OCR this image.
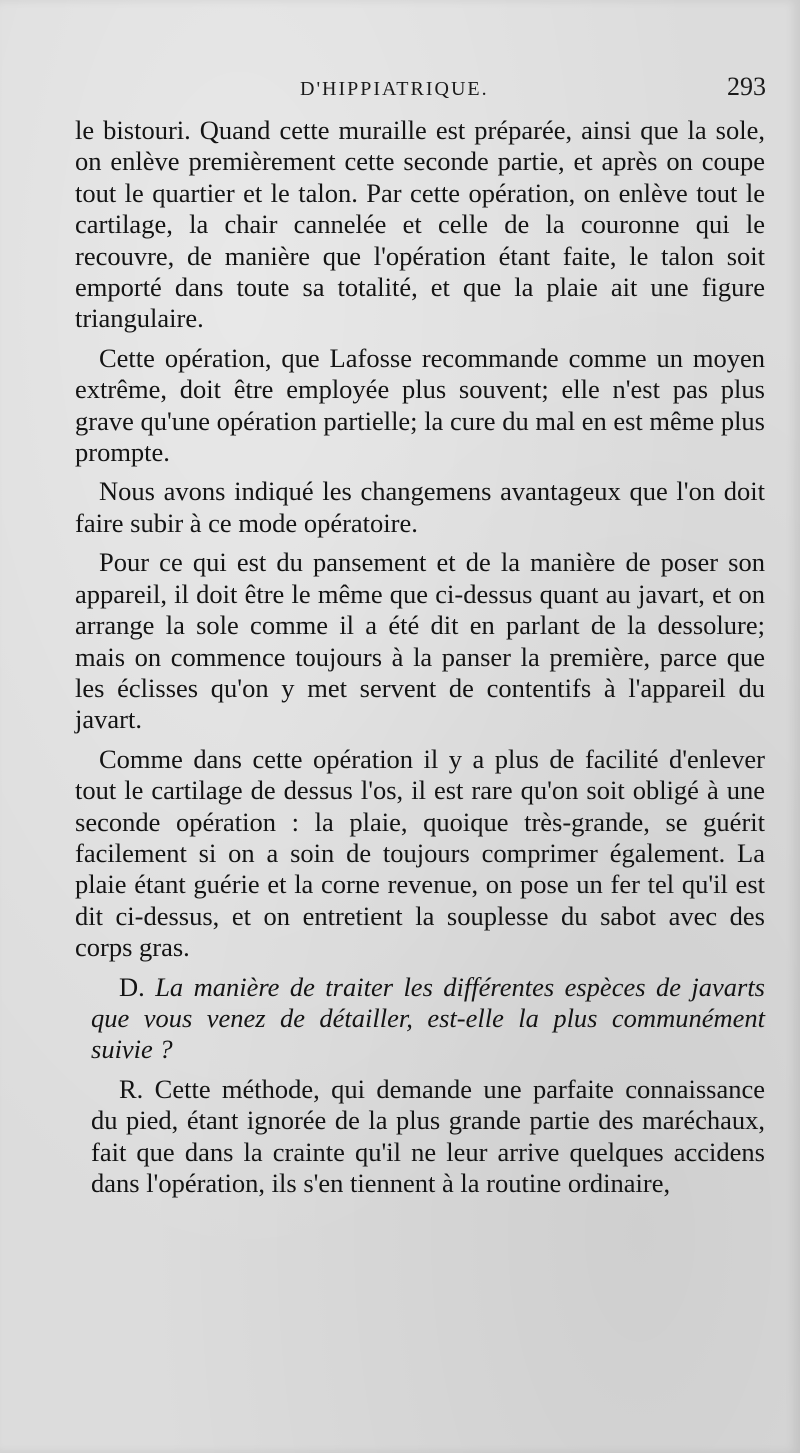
D'HIPPIATRIQUE.	293

le bistouri. Quand cette muraille est préparée, ainsi que la sole, on enlève premièrement cette seconde partie, et après on coupe tout le quartier et le talon. Par cette opération, on enlève tout le cartilage, la chair cannelée et celle de la couronne qui le recouvre, de manière que l'opération étant faite, le talon soit emporté dans toute sa totalité, et que la plaie ait une figure triangulaire.

Cette opération, que Lafosse recommande comme un moyen extrême, doit être employée plus souvent; elle n'est pas plus grave qu'une opération partielle; la cure du mal en est même plus prompte.

Nous avons indiqué les changemens avantageux que l'on doit faire subir à ce mode opératoire.

Pour ce qui est du pansement et de la manière de poser son appareil, il doit être le même que ci-dessus quant au javart, et on arrange la sole comme il a été dit en parlant de la dessolure; mais on commence toujours à la panser la première, parce que les éclisses qu'on y met servent de contentifs à l'appareil du javart.

Comme dans cette opération il y a plus de facilité d'enlever tout le cartilage de dessus l'os, il est rare qu'on soit obligé à une seconde opération : la plaie, quoique très-grande, se guérit facilement si on a soin de toujours comprimer également. La plaie étant guérie et la corne revenue, on pose un fer tel qu'il est dit ci-dessus, et on entretient la souplesse du sabot avec des corps gras.

D. La manière de traiter les différentes espèces de javarts que vous venez de détailler, est-elle la plus communément suivie ?

R. Cette méthode, qui demande une parfaite connaissance du pied, étant ignorée de la plus grande partie des maréchaux, fait que dans la crainte qu'il ne leur arrive quelques accidens dans l'opération, ils s'en tiennent à la routine ordinaire,
